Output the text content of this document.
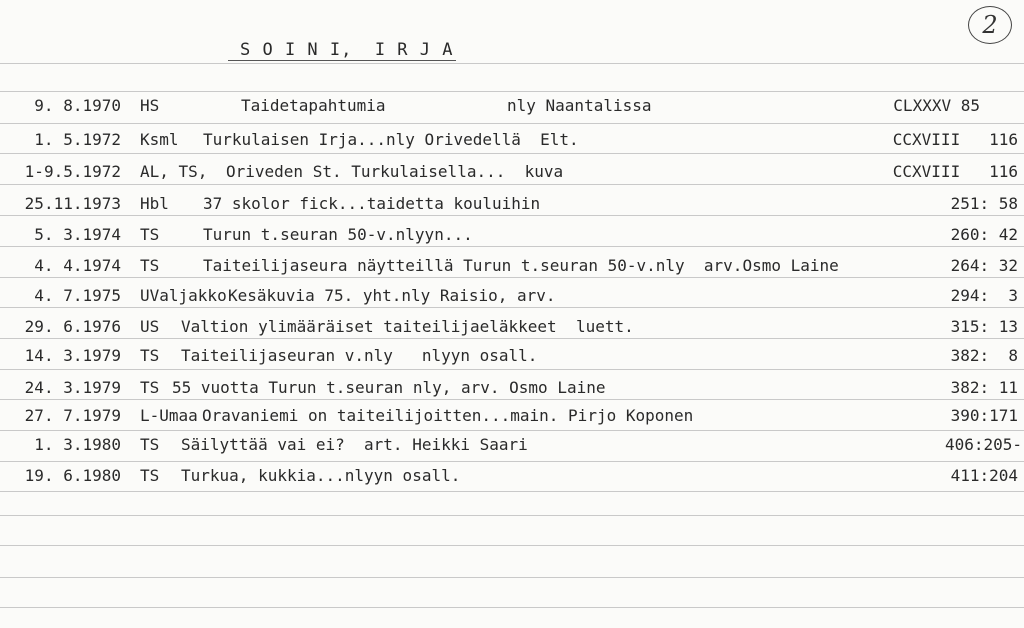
S O I N I,  I R J A
2
9. 8.1970 HS	Taidetapahtumia	nly Naantalissa	CLXXXV 85
1. 5.1972 Ksml Turkulaisen Irja...nly Orivedellä  Elt.	CCXVIII   116
1-9.5.1972 AL, TS, Oriveden St. Turkulaisella...  kuva	CCXVIII   116
25.11.1973 Hbl 37 skolor fick...taidetta kouluihin	251: 58
5. 3.1974 TS	Turun t.seuran 50-v.nlyyn...	260: 42
4. 4.1974 TS	Taiteilijaseura näytteillä Turun t.seuran 50-v.nly  arv.Osmo Laine	264: 32
4. 7.1975 UValjakko Kesäkuvia 75. yht.nly Raisio, arv.	294:  3
29. 6.1976 US Valtion ylimääräiset taiteilijaeläkkeet  luett.	315: 13
14. 3.1979 TS Taiteilijaseuran v.nly   nlyyn osall.	382:  8
24. 3.1979 TS 55 vuotta Turun t.seuran nly, arv. Osmo Laine	382: 11
27. 7.1979 L-Umaa Oravaniemi on taiteilijoitten...main. Pirjo Koponen	390:171
1. 3.1980 TS Säilyttää vai ei?  art. Heikki Saari	406:205-
19. 6.1980 TS Turkua, kukkia...nlyyn osall.	411:204
